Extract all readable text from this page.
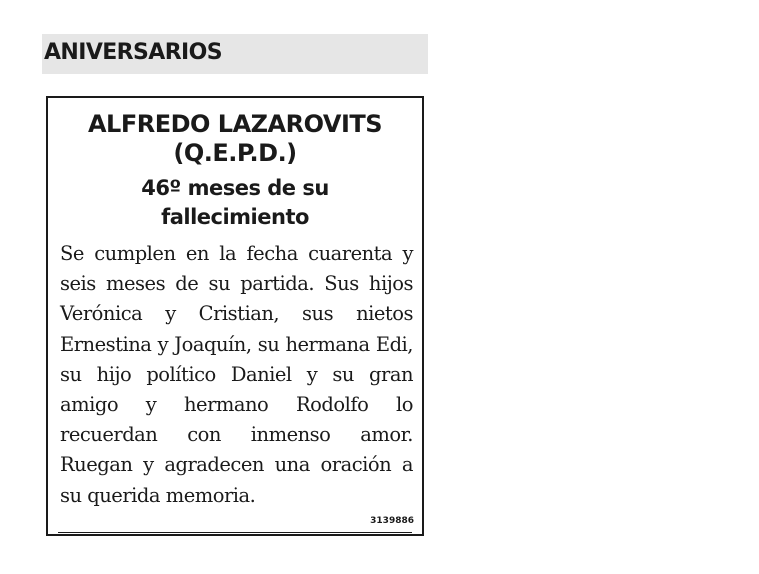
ANIVERSARIOS
ALFREDO LAZAROVITS
(Q.E.P.D.)
46º meses de su fallecimiento
Se cumplen en la fecha cuarenta y seis meses de su partida. Sus hijos Verónica y Cristian, sus nietos Ernestina y Joaquín, su hermana Edi, su hijo político Daniel y su gran amigo y hermano Rodolfo lo recuerdan con inmenso amor. Ruegan y agradecen una oración a su querida memoria.
3139886
